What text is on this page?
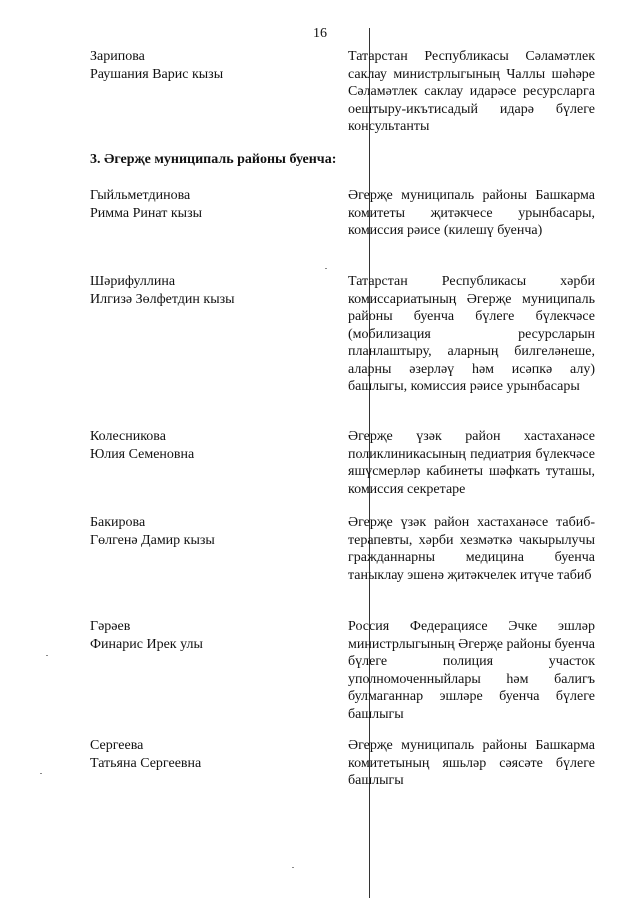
16
Зарипова
Раушания Варис кызы
Татарстан Республикасы Сәламәтлек саклау министрлыгының Чаллы шәһәре Сәламәтлек саклау идарәсе ресурсларга оештыру-икътисадый идарә бүлеге консультанты
3. Әгерҗе муниципаль районы буенча:
Гыйльметдинова
Римма Ринат кызы
Әгерҗе муниципаль районы Башкарма комитеты җитәкчесе урынбасары, комиссия рәисе (килешү буенча)
Шәрифуллина
Илгизә Зөлфетдин кызы
Татарстан Республикасы хәрби комиссариатының Әгерҗе муниципаль районы буенча бүлеге бүлекчәсе (мобилизация ресурсларын планлаштыру, аларның билгеләнеше, аларны әзерләү һәм исәпкә алу) башлыгы, комиссия рәисе урынбасары
Колесникова
Юлия Семеновна
Әгерҗе үзәк район хастаханәсе поликлиникасының педиатрия бүлекчәсе яшүсмерләр кабинеты шәфкать туташы, комиссия секретаре
Бакирова
Гөлгенә Дамир кызы
Әгерҗе үзәк район хастаханәсе табиб-терапевты, хәрби хезмәткә чакырылучы гражданнарны медицина буенча таныклау эшенә җитәкчелек итүче табиб
Гәрәев
Финарис Ирек улы
Россия Федерациясе Эчке эшләр министрлыгының Әгерҗе районы буенча бүлеге полиция участок уполномоченныйлары һәм балигъ булмаганнар эшләре буенча бүлеге башлыгы
Сергеева
Татьяна Сергеевна
Әгерҗе муниципаль районы Башкарма комитетының яшьләр сәясәте бүлеге башлыгы
